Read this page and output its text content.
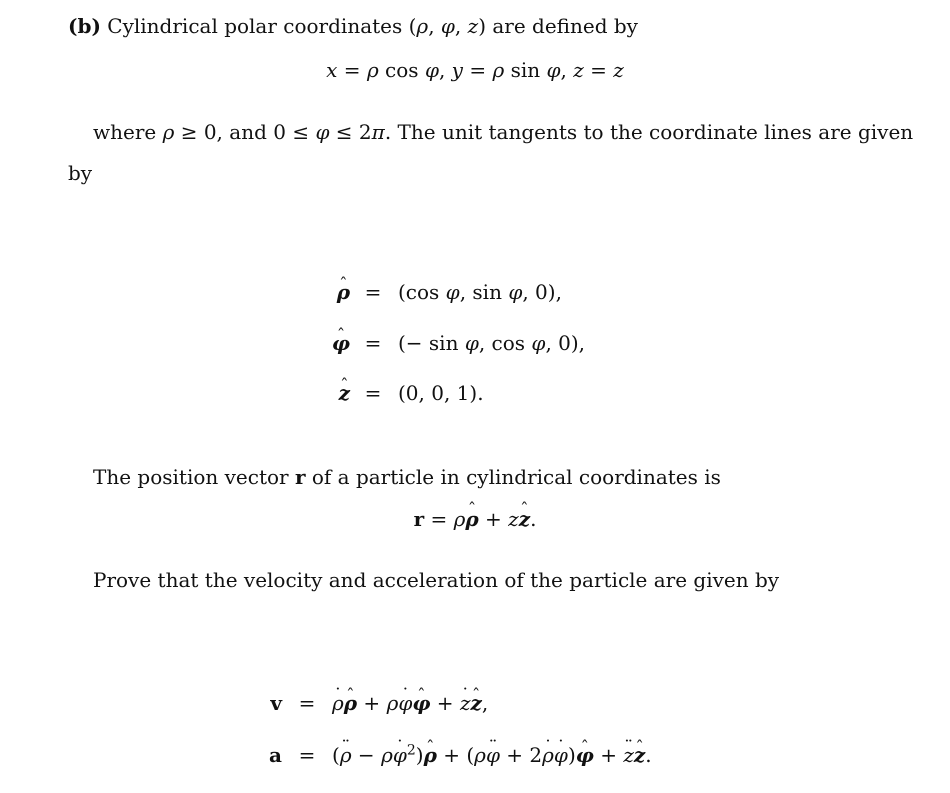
(b) Cylindrical polar coordinates (ρ, φ, z) are defined by
x = ρ cos φ, y = ρ sin φ, z = z
where ρ ≥ 0, and 0 ≤ φ ≤ 2π. The unit tangents to the coordinate lines are given
by
ρ ˆ = (cos φ, sin φ, 0),
φ ˆ = (− sin φ, cos φ, 0),
z ˆ = (0, 0, 1).
The position vector r of a particle in cylindrical coordinates is
r = ρρ ˆ + zz ˆ.
Prove that the velocity and acceleration of the particle are given by
v = ρ ˙ρ ˆ + ρφ ˙φ ˆ + z ˙z ˆ,
a = (ρ ¨ − ρφ ˙$^2$)ρ ˆ + (ρφ ¨ + 2ρ ˙φ ˙)φ ˆ + z ¨z ˆ.
